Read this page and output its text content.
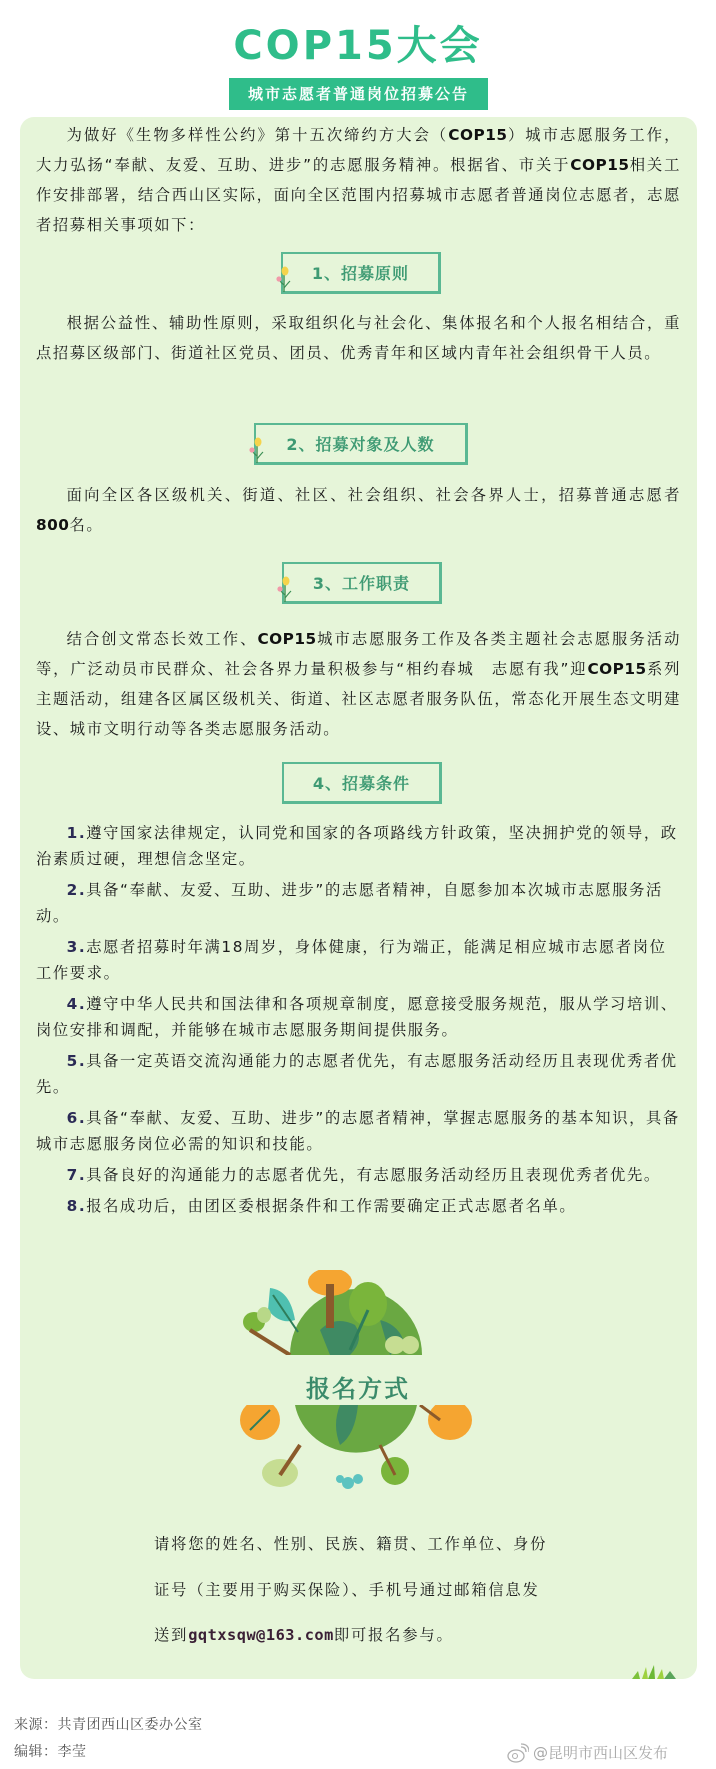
COP15大会
城市志愿者普通岗位招募公告
为做好《生物多样性公约》第十五次缔约方大会（COP15）城市志愿服务工作，大力弘扬“奉献、友爱、互助、进步”的志愿服务精神。根据省、市关于COP15相关工作安排部署，结合西山区实际，面向全区范围内招募城市志愿者普通岗位志愿者，志愿者招募相关事项如下：
1、招募原则
根据公益性、辅助性原则，采取组织化与社会化、集体报名和个人报名相结合，重点招募区级部门、街道社区党员、团员、优秀青年和区域内青年社会组织骨干人员。
2、招募对象及人数
面向全区各区级机关、街道、社区、社会组织、社会各界人士，招募普通志愿者800名。
3、工作职责
结合创文常态长效工作、COP15城市志愿服务工作及各类主题社会志愿服务活动等，广泛动员市民群众、社会各界力量积极参与“相约春城　志愿有我”迎COP15系列主题活动，组建各区属区级机关、街道、社区志愿者服务队伍，常态化开展生态文明建设、城市文明行动等各类志愿服务活动。
4、招募条件

1.遵守国家法律规定，认同党和国家的各项路线方针政策，坚决拥护党的领导，政治素质过硬，理想信念坚定。

2.具备“奉献、友爱、互助、进步”的志愿者精神，自愿参加本次城市志愿服务活动。

3.志愿者招募时年满18周岁，身体健康，行为端正，能满足相应城市志愿者岗位工作要求。

4.遵守中华人民共和国法律和各项规章制度，愿意接受服务规范，服从学习培训、岗位安排和调配，并能够在城市志愿服务期间提供服务。

5.具备一定英语交流沟通能力的志愿者优先，有志愿服务活动经历且表现优秀者优先。

6.具备“奉献、友爱、互助、进步”的志愿者精神，掌握志愿服务的基本知识，具备城市志愿服务岗位必需的知识和技能。

7.具备良好的沟通能力的志愿者优先，有志愿服务活动经历且表现优秀者优先。

8.报名成功后，由团区委根据条件和工作需要确定正式志愿者名单。

报名方式
请将您的姓名、性别、民族、籍贯、工作单位、身份
证号（主要用于购买保险）、手机号通过邮箱信息发
送到gqtxsqw@163.com即可报名参与。
来源：共青团西山区委办公室
编辑：李莹	@昆明市西山区发布
